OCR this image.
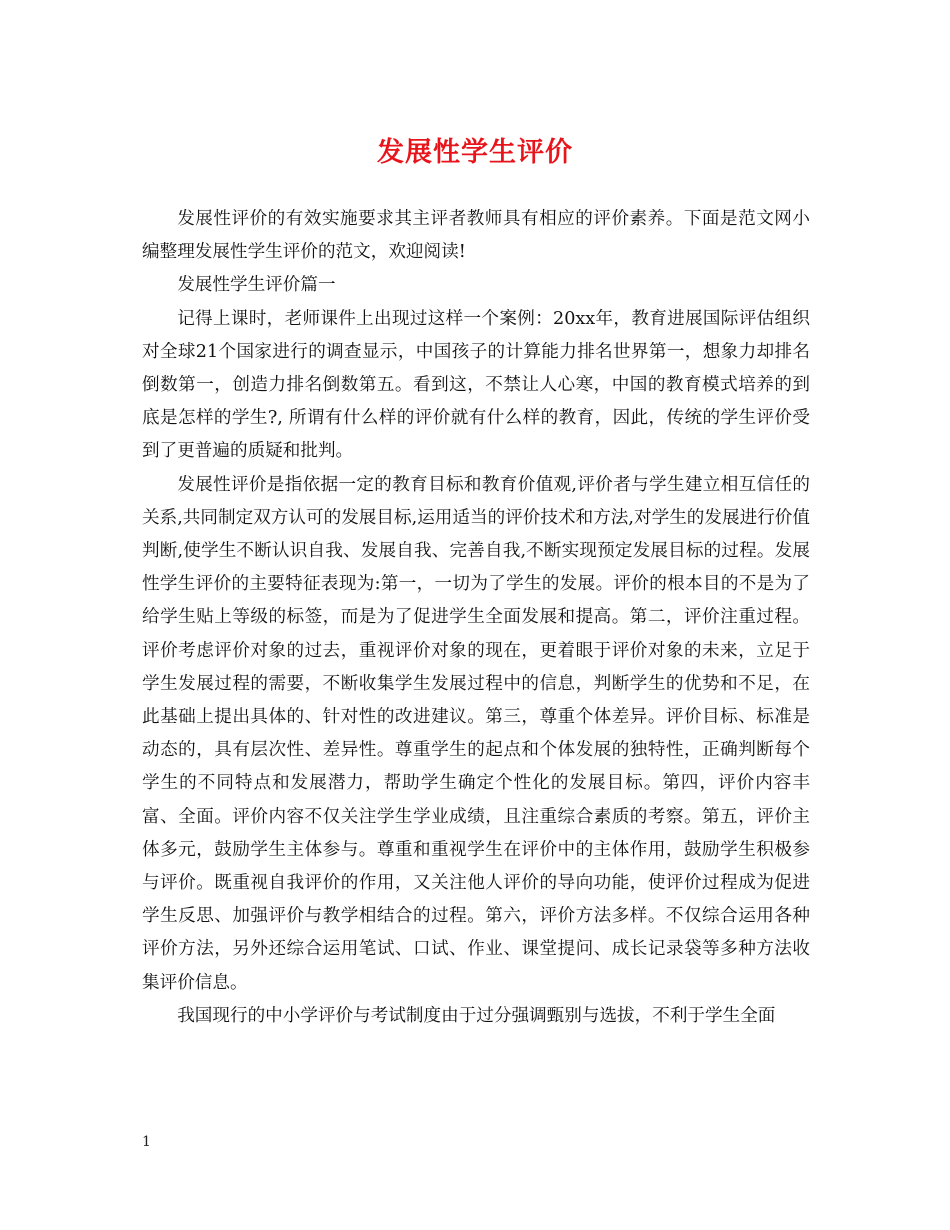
发展性学生评价

发展性评价的有效实施要求其主评者教师具有相应的评价素养。下面是范文网小编整理发展性学生评价的范文，欢迎阅读!

发展性学生评价篇一

记得上课时，老师课件上出现过这样一个案例：20xx年，教育进展国际评估组织对全球21个国家进行的调查显示，中国孩子的计算能力排名世界第一，想象力却排名倒数第一，创造力排名倒数第五。看到这，不禁让人心寒，中国的教育模式培养的到底是怎样的学生?, 所谓有什么样的评价就有什么样的教育，因此，传统的学生评价受到了更普遍的质疑和批判。

发展性评价是指依据一定的教育目标和教育价值观,评价者与学生建立相互信任的关系,共同制定双方认可的发展目标,运用适当的评价技术和方法,对学生的发展进行价值判断,使学生不断认识自我、发展自我、完善自我,不断实现预定发展目标的过程。发展性学生评价的主要特征表现为:第一，一切为了学生的发展。评价的根本目的不是为了给学生贴上等级的标签，而是为了促进学生全面发展和提高。第二，评价注重过程。评价考虑评价对象的过去，重视评价对象的现在，更着眼于评价对象的未来，立足于学生发展过程的需要，不断收集学生发展过程中的信息，判断学生的优势和不足，在此基础上提出具体的、针对性的改进建议。第三，尊重个体差异。评价目标、标准是动态的，具有层次性、差异性。尊重学生的起点和个体发展的独特性，正确判断每个学生的不同特点和发展潜力，帮助学生确定个性化的发展目标。第四，评价内容丰富、全面。评价内容不仅关注学生学业成绩，且注重综合素质的考察。第五，评价主体多元，鼓励学生主体参与。尊重和重视学生在评价中的主体作用，鼓励学生积极参与评价。既重视自我评价的作用，又关注他人评价的导向功能，使评价过程成为促进学生反思、加强评价与教学相结合的过程。第六，评价方法多样。不仅综合运用各种评价方法，另外还综合运用笔试、口试、作业、课堂提问、成长记录袋等多种方法收集评价信息。

我国现行的中小学评价与考试制度由于过分强调甄别与选拔，不利于学生全面

1
